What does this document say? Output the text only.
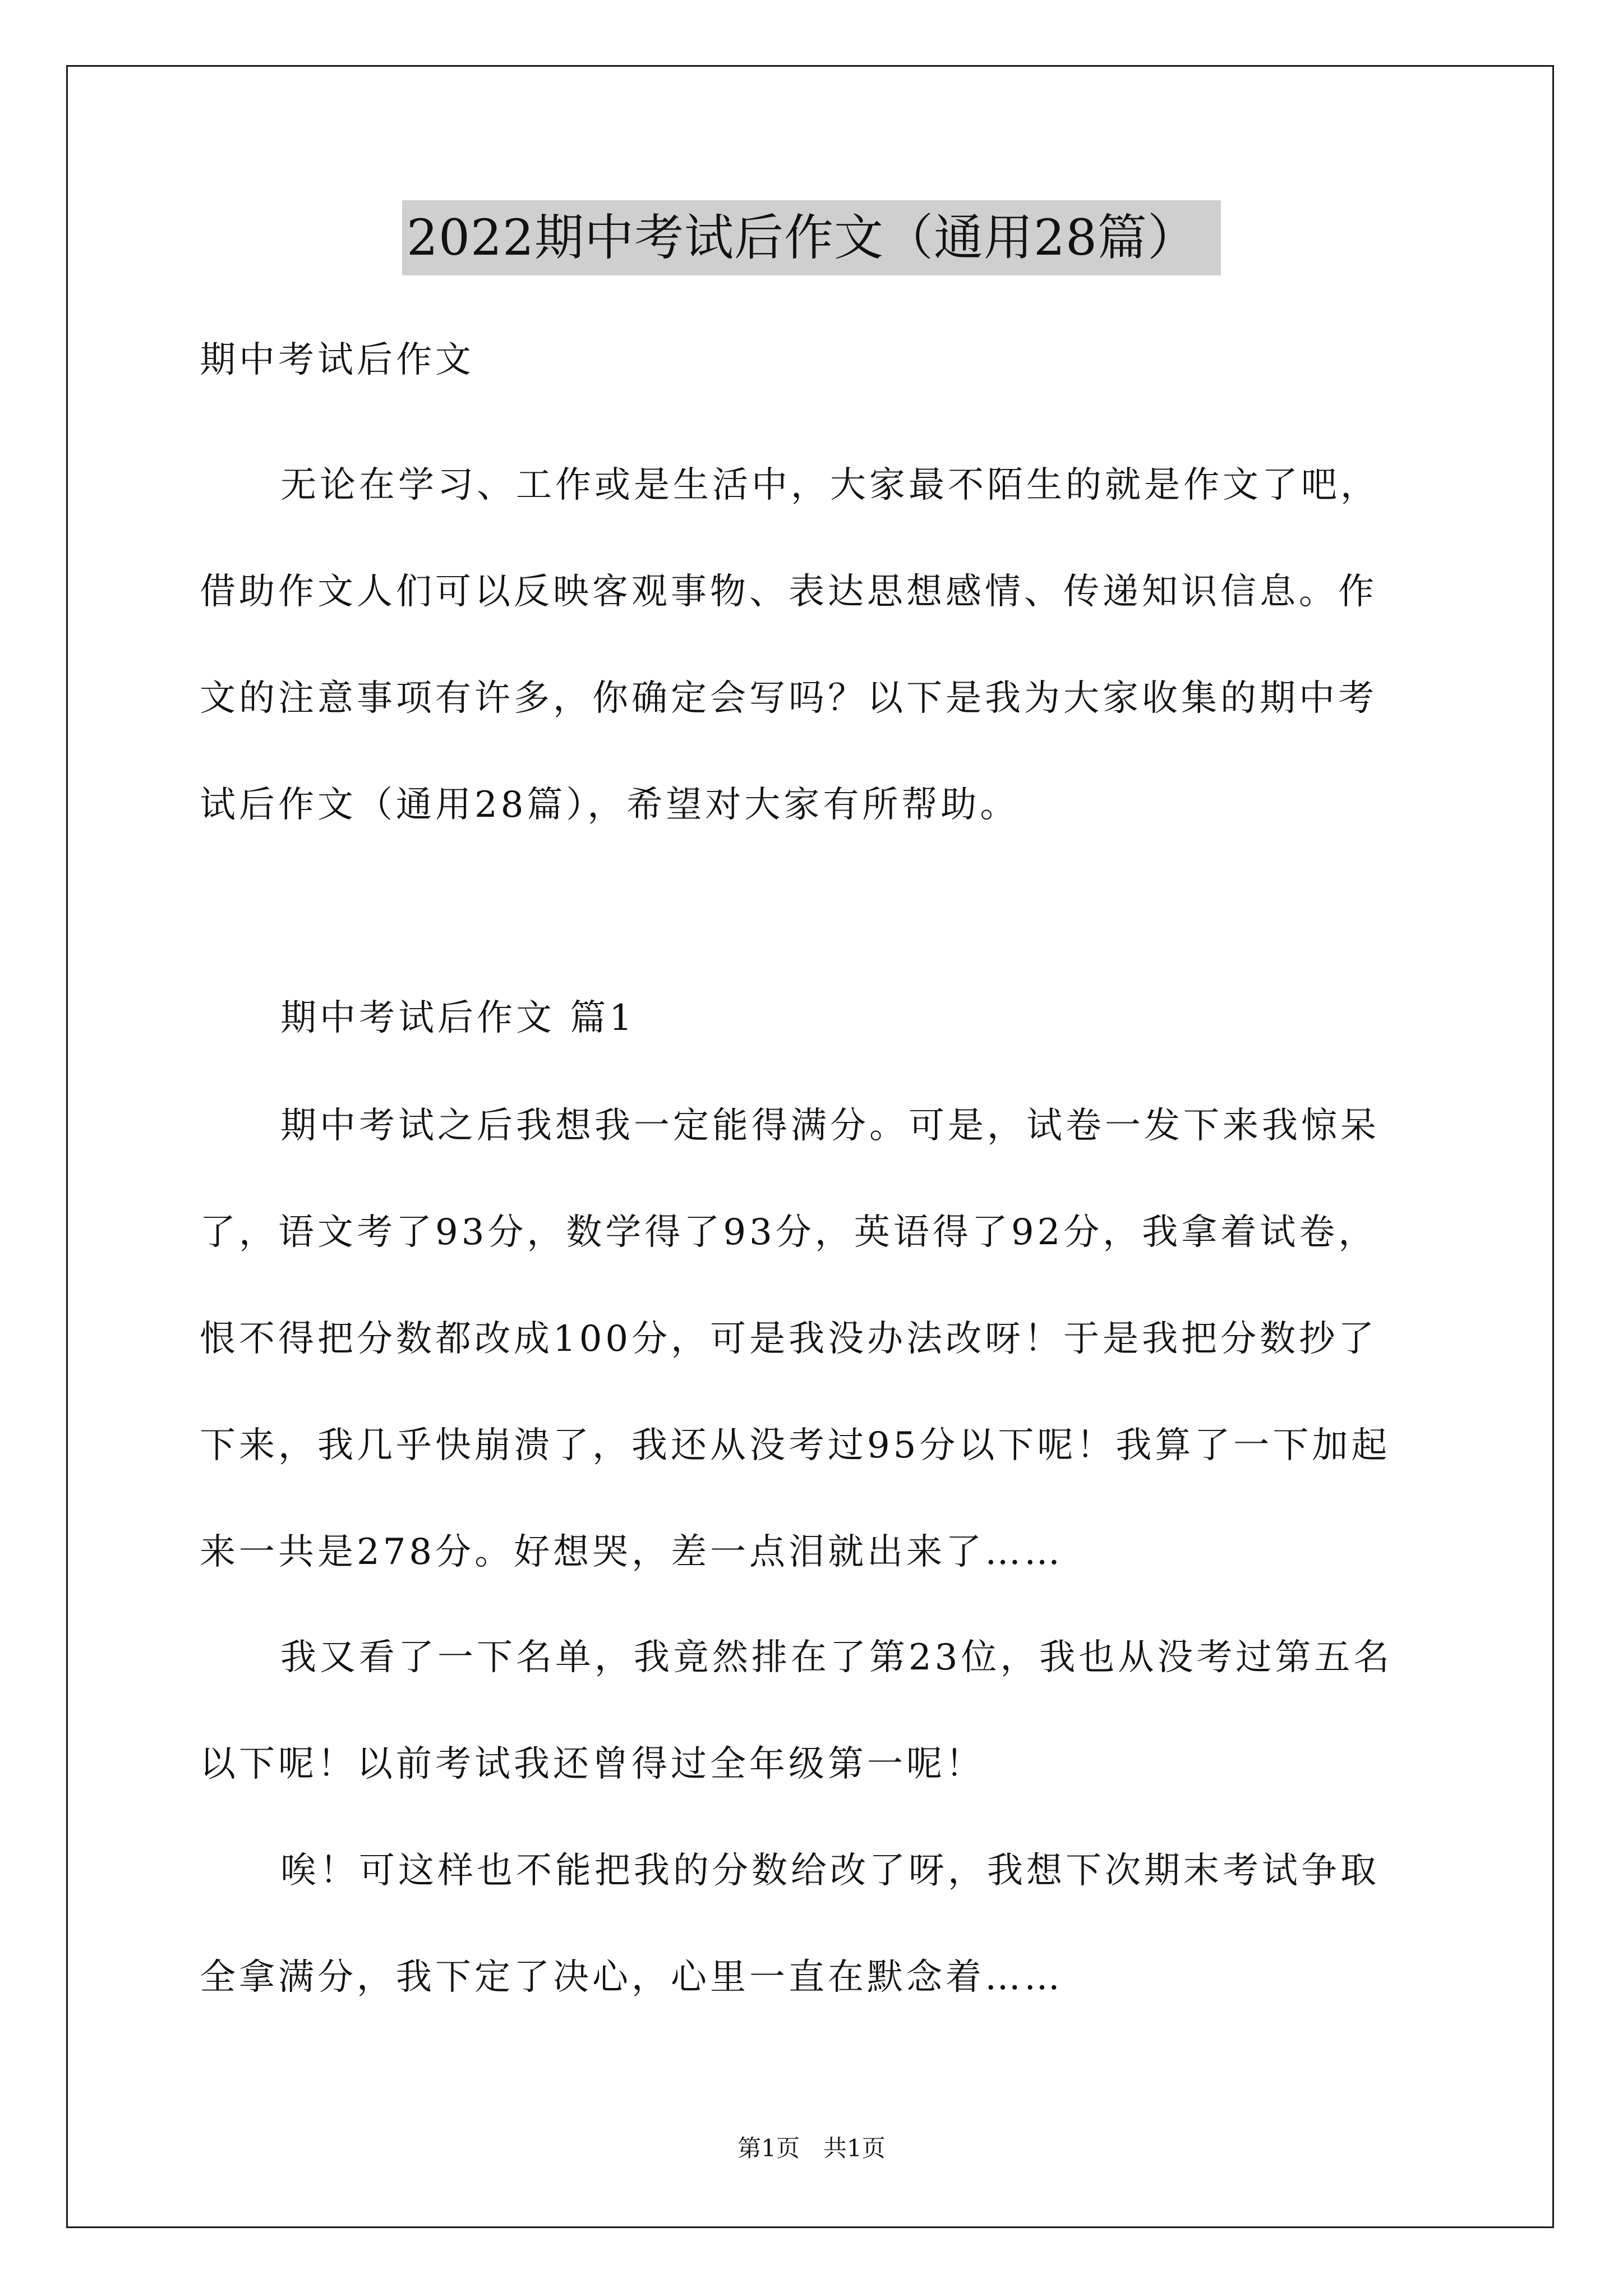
2022期中考试后作文（通用28篇）
期中考试后作文
无论在学习、工作或是生活中，大家最不陌生的就是作文了吧，
借助作文人们可以反映客观事物、表达思想感情、传递知识信息。作
文的注意事项有许多，你确定会写吗？以下是我为大家收集的期中考
试后作文（通用28篇），希望对大家有所帮助。
期中考试后作文 篇1
期中考试之后我想我一定能得满分。可是，试卷一发下来我惊呆
了，语文考了93分，数学得了93分，英语得了92分，我拿着试卷，
恨不得把分数都改成100分，可是我没办法改呀！于是我把分数抄了
下来，我几乎快崩溃了，我还从没考过95分以下呢！我算了一下加起
来一共是278分。好想哭，差一点泪就出来了……
我又看了一下名单，我竟然排在了第23位，我也从没考过第五名
以下呢！以前考试我还曾得过全年级第一呢！
唉！可这样也不能把我的分数给改了呀，我想下次期末考试争取
全拿满分，我下定了决心，心里一直在默念着……
第1页　共1页
